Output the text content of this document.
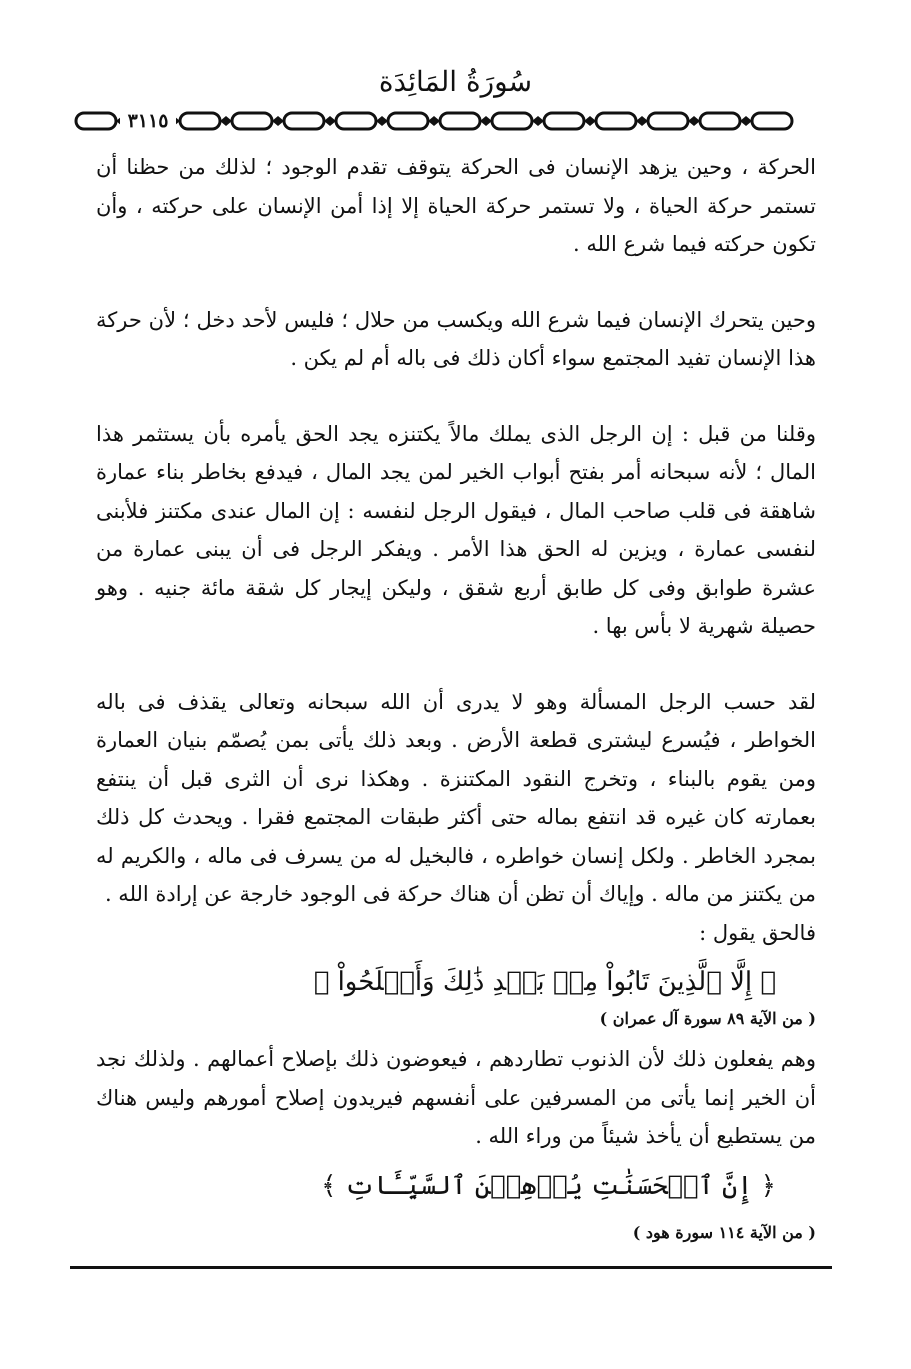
سُورَةُ المَائِدَة
٣١١٥

الحركة ، وحين يزهد الإنسان فى الحركة يتوقف تقدم الوجود ؛ لذلك من حظنا أن تستمر حركة الحياة ، ولا تستمر حركة الحياة إلا إذا أمن الإنسان على حركته ، وأن تكون حركته فيما شرع الله .

وحين يتحرك الإنسان فيما شرع الله ويكسب من حلال ؛ فليس لأحد دخل ؛ لأن حركة هذا الإنسان تفيد المجتمع سواء أكان ذلك فى باله أم لم يكن .

وقلنا من قبل : إن الرجل الذى يملك مالاً يكتنزه يجد الحق يأمره بأن يستثمر هذا المال ؛ لأنه سبحانه أمر بفتح أبواب الخير لمن يجد المال ، فيدفع بخاطر بناء عمارة شاهقة فى قلب صاحب المال ، فيقول الرجل لنفسه : إن المال عندى مكتنز فلأبنى لنفسى عمارة ، ويزين له الحق هذا الأمر . ويفكر الرجل فى أن يبنى عمارة من عشرة طوابق وفى كل طابق أربع شقق ، وليكن إيجار كل شقة مائة جنيه . وهو حصيلة شهرية لا بأس بها .

لقد حسب الرجل المسألة وهو لا يدرى أن الله سبحانه وتعالى يقذف فى باله الخواطر ، فيُسرع ليشترى قطعة الأرض . وبعد ذلك يأتى بمن يُصمّم بنيان العمارة ومن يقوم بالبناء ، وتخرج النقود المكتنزة . وهكذا نرى أن الثرى قبل أن ينتفع بعمارته كان غيره قد انتفع بماله حتى أكثر طبقات المجتمع فقرا . ويحدث كل ذلك بمجرد الخاطر . ولكل إنسان خواطره ، فالبخيل له من يسرف فى ماله ، والكريم له من يكتنز من ماله . وإياك أن تظن أن هناك حركة فى الوجود خارجة عن إرادة الله .

فالحق يقول :

﴿ إِلَّا ٱلَّذِينَ تَابُواْ مِنۢ بَعۡدِ ذَٰلِكَ وَأَصۡلَحُواْ ﴾
( من الآية ٨٩ سورة آل عمران )

وهم يفعلون ذلك لأن الذنوب تطاردهم ، فيعوضون ذلك بإصلاح أعمالهم . ولذلك نجد أن الخير إنما يأتى من المسرفين على أنفسهم فيريدون إصلاح أمورهم وليس هناك من يستطيع أن يأخذ شيئاً من وراء الله .

﴿ إِنَّ ٱلۡحَسَنَٰتِ يُذۡهِبۡنَ ٱلسَّيِّـَٔاتِ ﴾
( من الآية ١١٤ سورة هود )
